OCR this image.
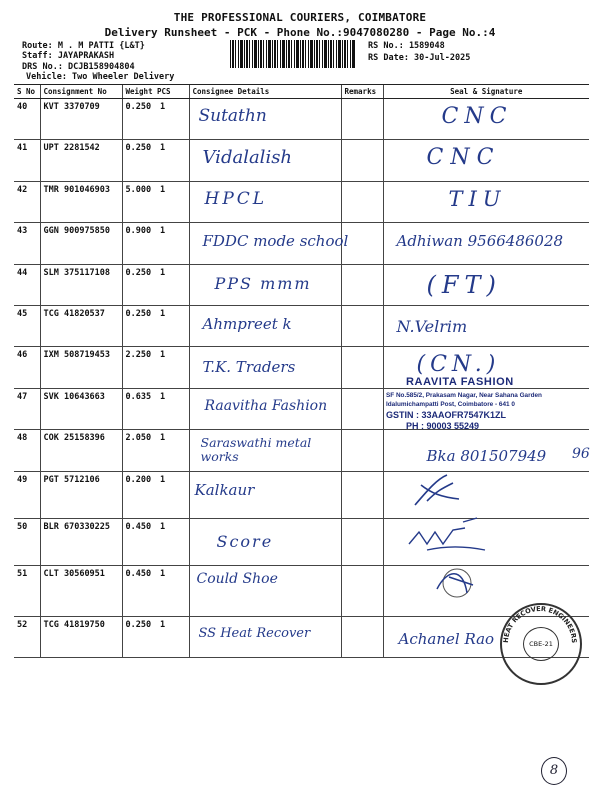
THE PROFESSIONAL COURIERS, COIMBATORE
Delivery Runsheet - PCK - Phone No.:9047080280 - Page No.:4
Route: M . M PATTI {L&T}
Staff: JAYAPRAKASH
DRS No.: DCJB158904804
Vehicle: Two Wheeler Delivery
RS No.: 1589048
RS Date: 30-Jul-2025
S No	Consignment No	Weight	PCS	Consignee Details	Remarks	Seal & Signature
40	KVT 3370709	0.250	1	Sutathn		CNC

41	UPT 2281542	0.250	1	Vidalalish		CNC

42	TMR 901046903	5.000	1	HPCL		TIU

43	GGN 900975850	0.900	1	FDDC mode school		Adhiwan 9566486028

44	SLM 375117108	0.250	1	PPS mmm		(FT)

45	TCG 41820537	0.250	1	Ahmpreet k		N.Velrim

46	IXM 508719453	2.250	1	T.K. Traders		(CN.)

47	SVK 10643663	0.635	1	Raavitha Fashion		

48	COK 25158396	2.050	1	Saraswathi metal works		Bka 801507949

49	PGT 5712106	0.200	1	Kalkaur

50	BLR 670330225	0.450	1	Score

51	CLT 30560951	0.450	1	Could Shoe

52	TCG 41819750	0.250	1	SS Heat Recover		Achanel Rao
RAAVITA FASHION
SF No.585/2, Prakasam Nagar, Near Sahana Garden
Idalumichampatti Post, Coimbatore - 641 0
GSTIN : 33AAOFR7547K1ZL
PH : 90003 55249
96
HEAT RECOVER ENGINEERS
CBE-21
8
